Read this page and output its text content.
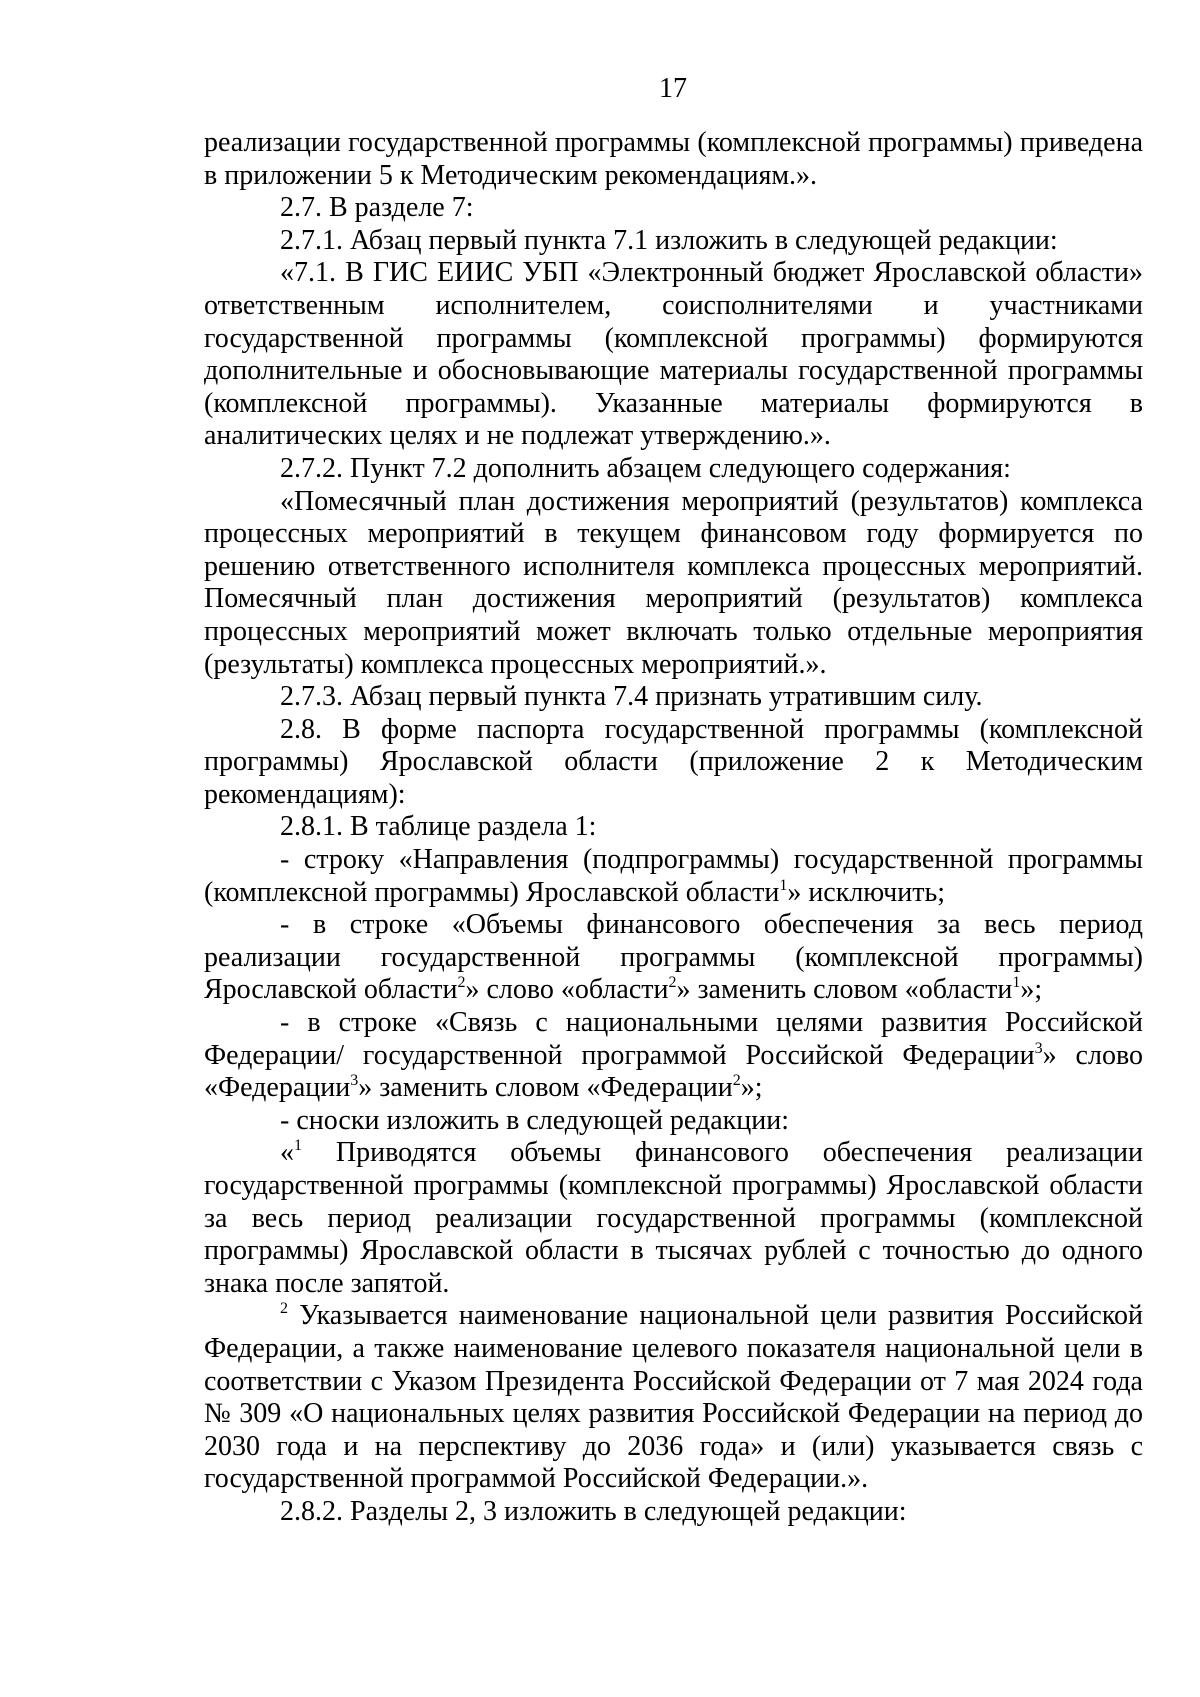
17

реализации государственной программы (комплексной программы) приведена в приложении 5 к Методическим рекомендациям.».

2.7. В разделе 7:

2.7.1. Абзац первый пункта 7.1 изложить в следующей редакции:

«7.1. В ГИС ЕИИС УБП «Электронный бюджет Ярославской области» ответственным исполнителем, соисполнителями и участниками государственной программы (комплексной программы) формируются дополнительные и обосновывающие материалы государственной программы (комплексной программы). Указанные материалы формируются в аналитических целях и не подлежат утверждению.».

2.7.2. Пункт 7.2 дополнить абзацем следующего содержания:

«Помесячный план достижения мероприятий (результатов) комплекса процессных мероприятий в текущем финансовом году формируется по решению ответственного исполнителя комплекса процессных мероприятий. Помесячный план достижения мероприятий (результатов) комплекса процессных мероприятий может включать только отдельные мероприятия (результаты) комплекса процессных мероприятий.».

2.7.3. Абзац первый пункта 7.4 признать утратившим силу.

2.8. В форме паспорта государственной программы (комплексной программы) Ярославской области (приложение 2 к Методическим рекомендациям):

2.8.1. В таблице раздела 1:

- строку «Направления (подпрограммы) государственной программы (комплексной программы) Ярославской области$^1$» исключить;

- в строке «Объемы финансового обеспечения за весь период реализации государственной программы (комплексной программы) Ярославской области$^2$» слово «области$^2$» заменить словом «области$^1$»;

- в строке «Связь с национальными целями развития Российской Федерации/ государственной программой Российской Федерации$^3$» слово «Федерации$^3$» заменить словом «Федерации$^2$»;

- сноски изложить в следующей редакции:

«$^1$ Приводятся объемы финансового обеспечения реализации государственной программы (комплексной программы) Ярославской области за весь период реализации государственной программы (комплексной программы) Ярославской области в тысячах рублей с точностью до одного знака после запятой.

$^2$ Указывается наименование национальной цели развития Российской Федерации, а также наименование целевого показателя национальной цели в соответствии с Указом Президента Российской Федерации от 7 мая 2024 года № 309 «О национальных целях развития Российской Федерации на период до 2030 года и на перспективу до 2036 года» и (или) указывается связь с государственной программой Российской Федерации.».

2.8.2. Разделы 2, 3 изложить в следующей редакции:
